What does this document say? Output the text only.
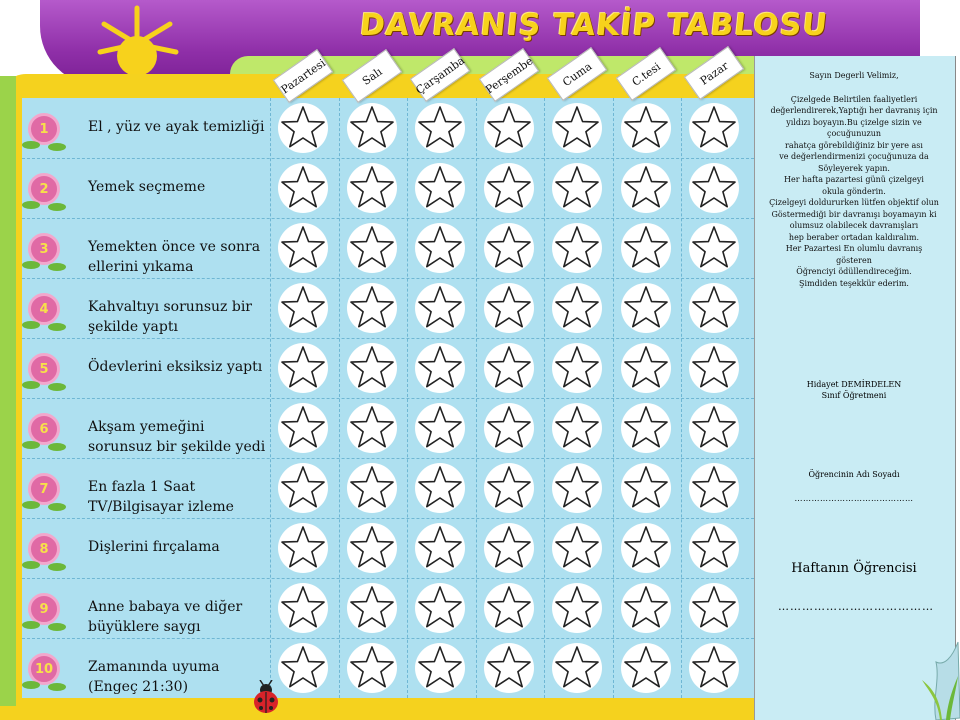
DAVRANIŞ TAKİP TABLOSU
Pazartesi	Salı	Çarşamba	Perşembe	Cuma	C.tesi	Pazar
1	El , yüz ve ayak temizliği
2	Yemek seçmeme
3	Yemekten önce ve sonra ellerini yıkama
4	Kahvaltıyı sorunsuz bir şekilde yaptı
5	Ödevlerini eksiksiz yaptı
6	Akşam yemeğini sorunsuz bir şekilde yedi
7	En fazla 1 Saat TV/Bilgisayar izleme
8	Dişlerini fırçalama
9	Anne babaya ve diğer büyüklere saygı
10	Zamanında uyuma (Engeç 21:30)
Sayın Degerli Velimiz,
Çizelgede Belirtilen faaliyetleri
değerlendirerek,Yaptığı her davranış için
yıldızı boyayın.Bu çizelge sizin ve
çocuğunuzun
rahatça görebildiğiniz bir yere ası
ve değerlendirmenizi çocuğunuza da
Söyleyerek yapın.
Her hafta pazartesi günü çizelgeyi
okula gönderin.
Çizelgeyi doldururken lütfen objektif olun
Göstermediği bir davranışı boyamayın ki
olumsuz olabilecek davranışları
hep beraber ortadan kaldıralım.
Her Pazartesi En olumlu davranış
gösteren
Öğrenciyi ödüllendireceğim.
Şimdiden teşekkür ederim.
Hidayet DEMİRDELEN
Sınıf Öğretmeni
Öğrencinin Adı Soyadı
……………………………………
Haftanın Öğrencisi
…………………………………
